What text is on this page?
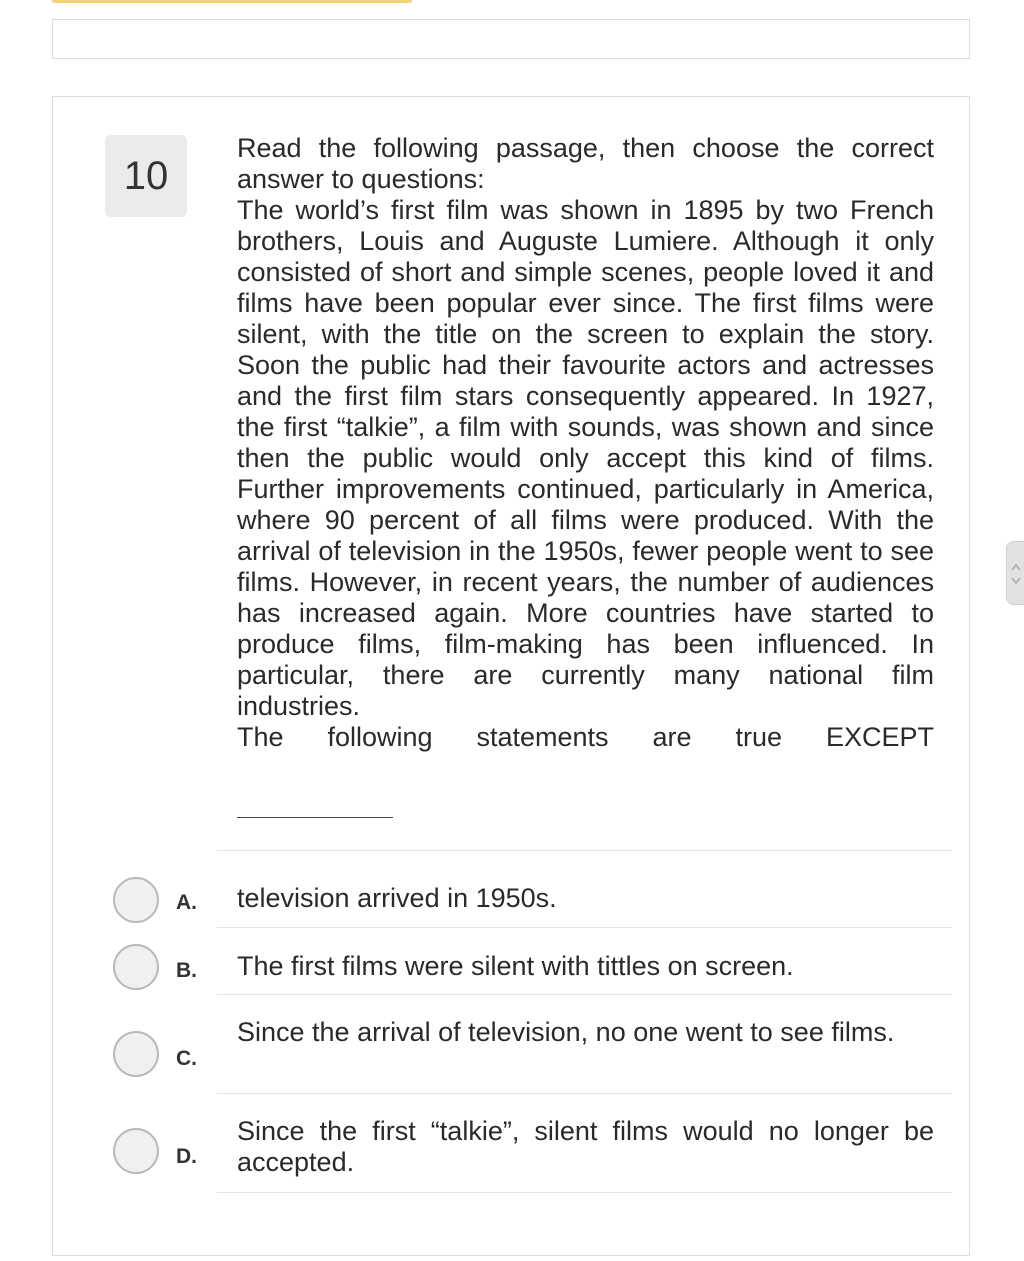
10

Read the following passage, then choose the correct answer to questions:

The world’s first film was shown in 1895 by two French brothers, Louis and Auguste Lumiere. Although it only consisted of short and simple scenes, people loved it and films have been popular ever since. The first films were silent, with the title on the screen to explain the story. Soon the public had their favourite actors and actresses and the first film stars consequently appeared. In 1927, the first “talkie”, a film with sounds, was shown and since then the public would only accept this kind of films. Further improvements continued, particularly in America, where 90 percent of all films were produced. With the arrival of television in the 1950s, fewer people went to see films. However, in recent years, the number of audiences has increased again. More countries have started to produce films, film-making has been influenced. In particular, there are currently many national film industries.

The following statements are true EXCEPT

A. television arrived in 1950s.
B. The first films were silent with tittles on screen.
C.
Since the arrival of television, no one went to see films.
D.
Since the first “talkie”, silent films would no longer be accepted.
